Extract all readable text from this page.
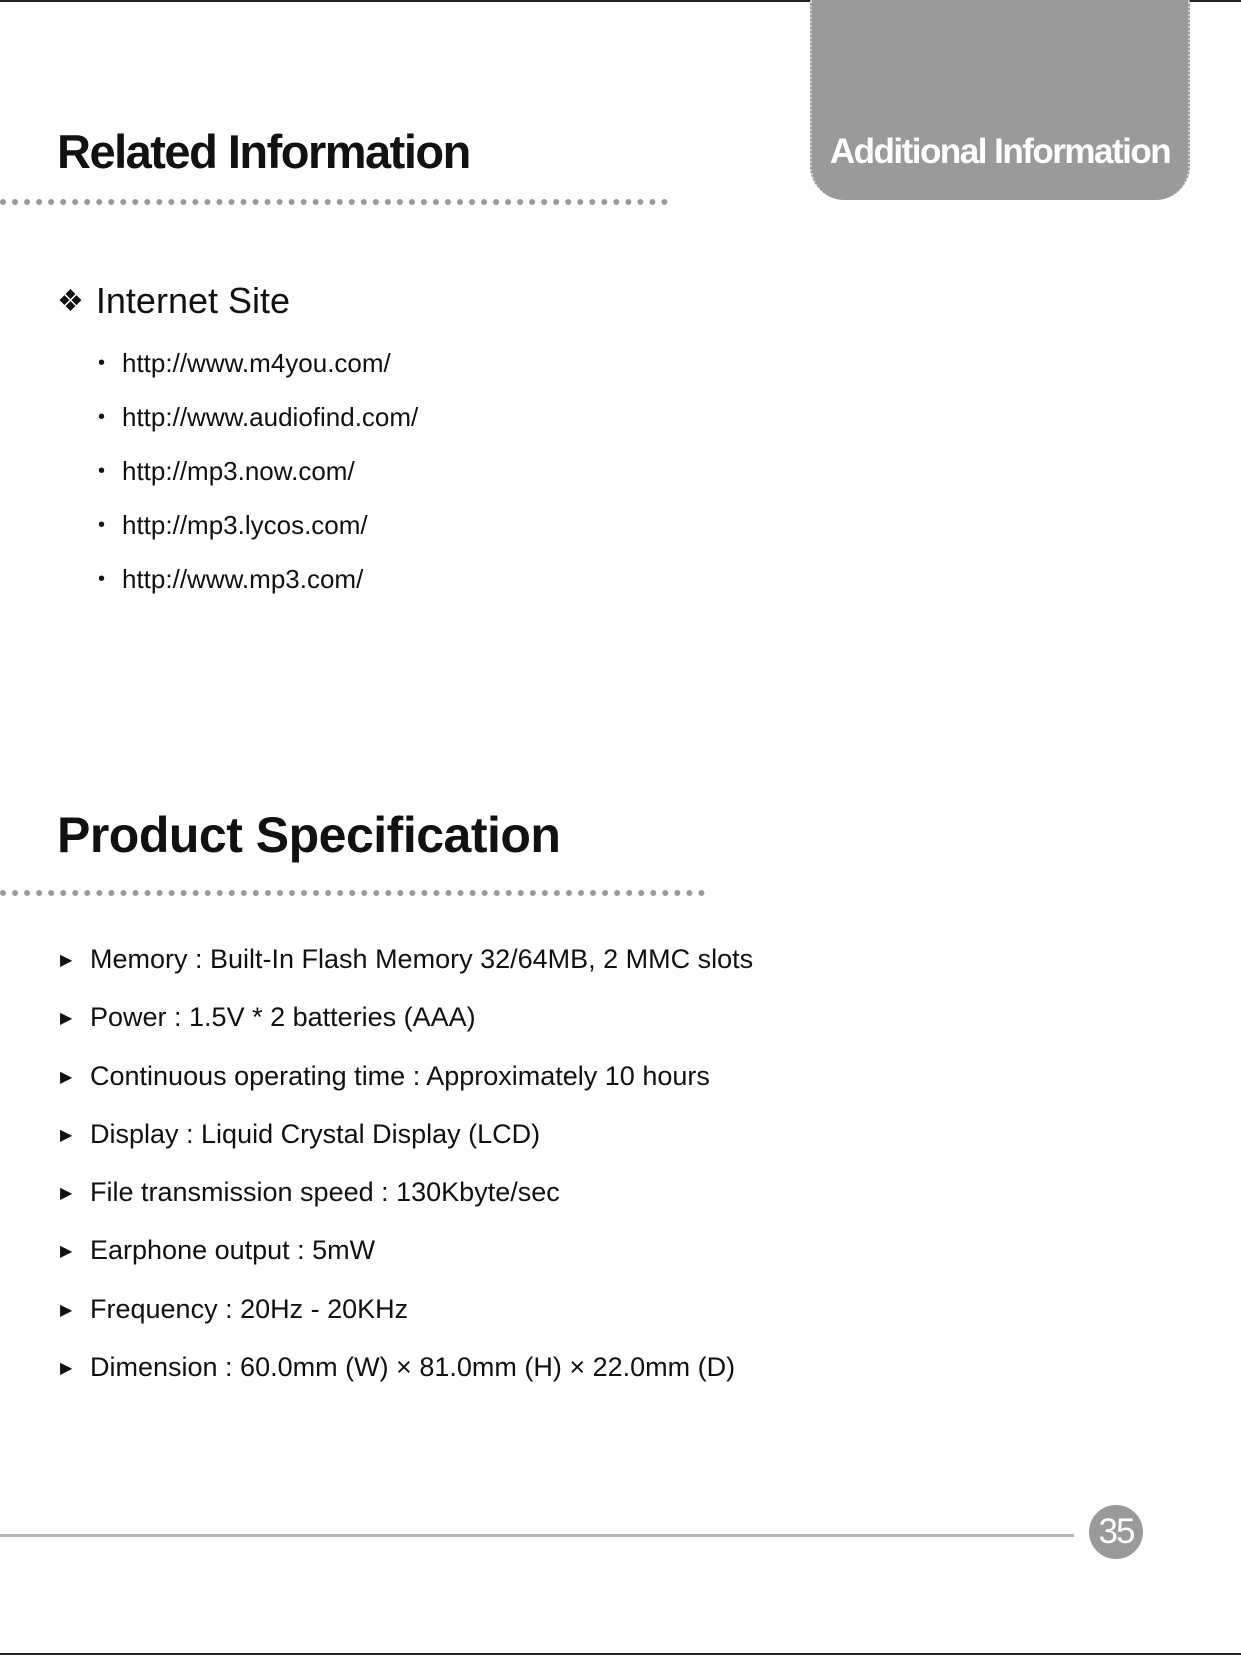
Additional Information
Related Information
❖ Internet Site
• http://www.m4you.com/
• http://www.audiofind.com/
• http://mp3.now.com/
• http://mp3.lycos.com/
• http://www.mp3.com/
Product Specification
▶ Memory : Built-In Flash Memory 32/64MB, 2 MMC slots
▶ Power : 1.5V * 2 batteries (AAA)
▶ Continuous operating time : Approximately 10 hours
▶ Display : Liquid Crystal Display (LCD)
▶ File transmission speed : 130Kbyte/sec
▶ Earphone output : 5mW
▶ Frequency : 20Hz - 20KHz
▶ Dimension : 60.0mm (W) × 81.0mm (H) × 22.0mm (D)
35
